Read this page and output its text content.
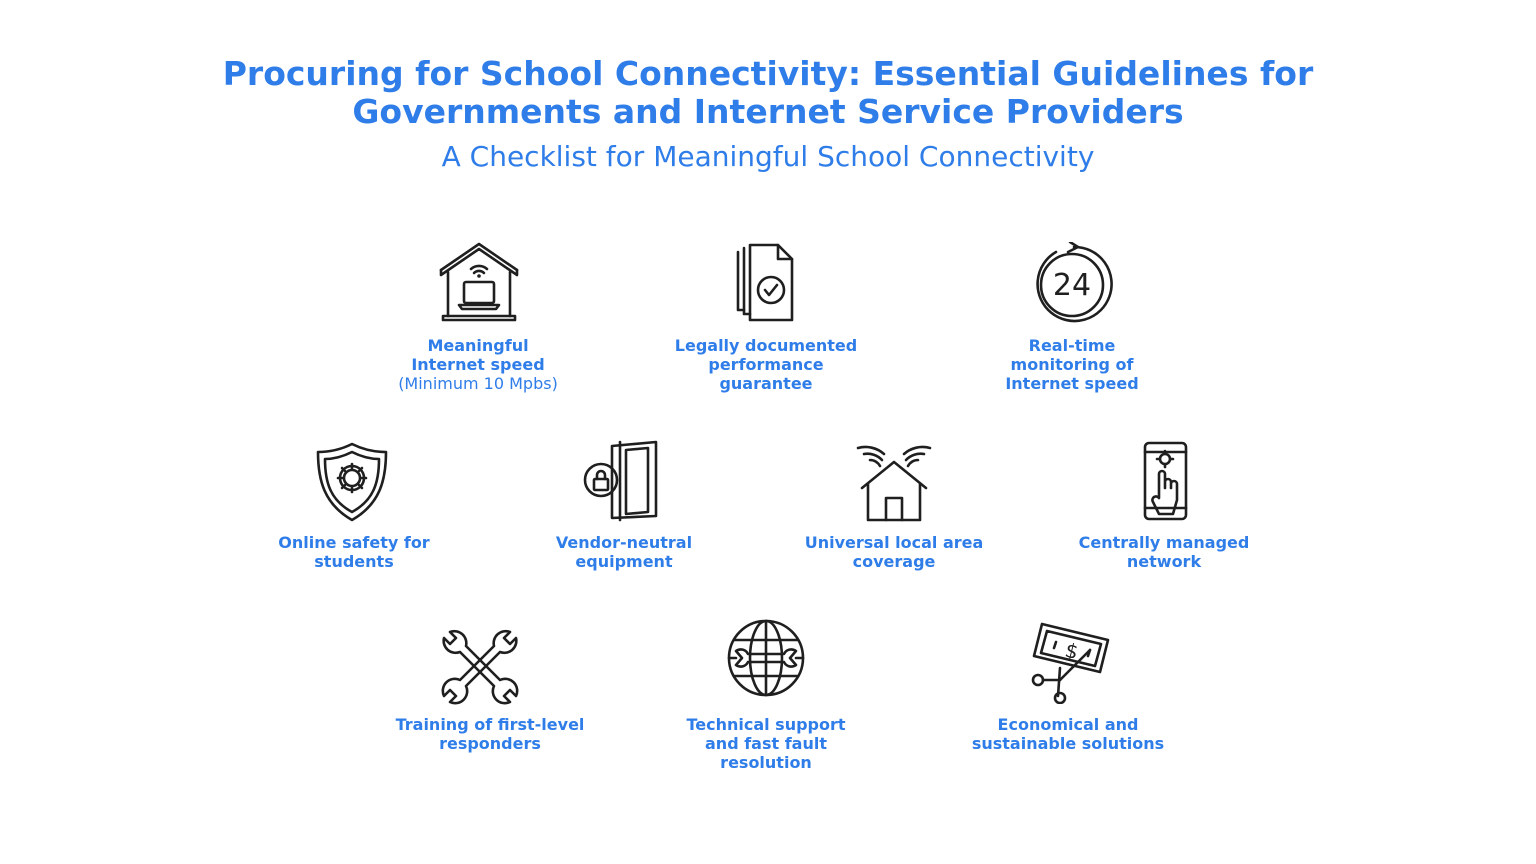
Procuring for School Connectivity: Essential Guidelines for
Governments and Internet Service Providers
A Checklist for Meaningful School Connectivity
Meaningful
Internet speed
(Minimum 10 Mpbs)
Legally documented
performance
guarantee
24
Real-time
monitoring of
Internet speed
Online safety for
students
Vendor-neutral
equipment
Universal local area
coverage
Centrally managed
network
Training of first-level
responders
Technical support
and fast fault
resolution
$
Economical and
sustainable solutions
